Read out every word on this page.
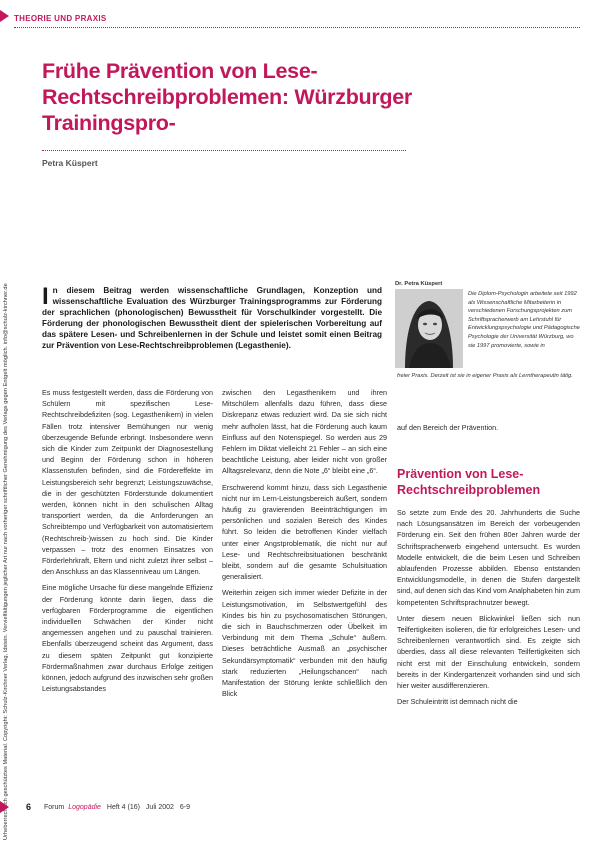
THEORIE UND PRAXIS
Urheberrechtlich geschütztes Material. Copyright: Schulz-Kirchner Verlag, Idstein. Vervielfältigungen jeglicher Art nur nach vorheriger schriftlicher Genehmigung des Verlags gegen Entgelt möglich. info@schulz-kirchner.de
Frühe Prävention von Lese-Rechtschreibproblemen: Würzburger Trainingspro-
Petra Küspert
In diesem Beitrag werden wissenschaftliche Grundlagen, Konzeption und wissenschaftliche Evaluation des Würzburger Trainingsprogramms zur Förderung der sprachlichen (phonologischen) Bewusstheit für Vorschulkinder vorgestellt. Die Förderung der phonologischen Bewusstheit dient der spielerischen Vorbereitung auf das spätere Lesen- und Schreibenlernen in der Schule und leistet somit einen Beitrag zur Prävention von Lese-Rechtschreibproblemen (Legasthenie).
Dr. Petra Küspert
Die Diplom-Psychologin arbeitete seit 1992 als Wissenschaftliche Mitarbeiterin in verschiedenen Forschungsprojekten zum Schriftspracherwerb am Lehrstuhl für Entwicklungspsychologie und Pädagogische Psychologie der Universität Würzburg, wo sie 1997 promovierte, sowie in
freier Praxis. Derzeit ist sie in eigener Praxis als Lerntherapeutin tätig.

Es muss festgestellt werden, dass die Förderung von Schülern mit spezifischen Lese- Rechtschreibdefiziten (sog. Legasthenikern) in vielen Fällen trotz intensiver Bemühungen nur wenig überzeugende Befunde erbringt. Insbesondere wenn sich die Kinder zum Zeitpunkt der Diagnosestellung und Beginn der Förderung schon in höheren Klassenstufen befinden, sind die Fördereffekte im Leistungsbereich sehr begrenzt; Leistungszuwächse, die in der geschützten Förderstunde dokumentiert werden, können nicht in den schulischen Alltag transportiert werden, da die Anforderungen an Schreibtempo und Verfügbarkeit von automatisiertem (Rechtschreib-)wissen zu hoch sind. Die Kinder verpassen – trotz des enormen Einsatzes von Förderlehrkraft, Eltern und nicht zuletzt ihrer selbst – den Anschluss an das Klassenniveau um Längen.

Eine mögliche Ursache für diese mangelnde Effizienz der Förderung könnte darin liegen, dass die verfügbaren Förderprogramme die eigentlichen individuellen Schwächen der Kinder nicht angemessen angehen und zu pauschal trainieren. Ebenfalls überzeugend scheint das Argument, dass zu diesem späten Zeitpunkt gut konzipierte Fördermaßnahmen zwar durchaus Erfolge zeitigen können, jedoch aufgrund des inzwischen sehr großen Leistungsabstandes

zwischen den Legasthenikern und ihren Mitschülern allenfalls dazu führen, dass diese Diskrepanz etwas reduziert wird. Da sie sich nicht mehr aufholen lässt, hat die Förderung auch kaum Einfluss auf den Notenspiegel. So werden aus 29 Fehlern im Diktat vielleicht 21 Fehler – an sich eine beachtliche Leistung, aber leider nicht von großer Alltagsrelevanz, denn die Note „6“ bleibt eine „6“.

Erschwerend kommt hinzu, dass sich Legasthenie nicht nur im Lern-Leistungsbereich äußert, sondern häufig zu gravierenden Beeinträchtigungen im persönlichen und sozialen Bereich des Kindes führt. So leiden die betroffenen Kinder vielfach unter einer Angstproblematik, die nicht nur auf Lese- und Rechtschreibsituationen beschränkt bleibt, sondern auf die gesamte Schulsituation generalisiert.

Weiterhin zeigen sich immer wieder Defizite in der Leistungsmotivation, im Selbstwertgefühl des Kindes bis hin zu psychosomatischen Störungen, die sich in Bauchschmerzen oder Übelkeit im Verbindung mit dem Thema „Schule“ äußern. Dieses beträchtliche Ausmaß an „psychischer Sekundärsymptomatik“ verbunden mit den häufig stark reduzierten „Heilungschancen“ nach Manifestation der Störung lenkte schließlich den Blick

auf den Bereich der Prävention.

Prävention von Lese-Rechtschreibproblemen

So setzte zum Ende des 20. Jahrhunderts die Suche nach Lösungsansätzen im Bereich der vorbeugenden Förderung ein. Seit den frühen 80er Jahren wurde der Schriftspracherwerb eingehend untersucht. Es wurden Modelle entwickelt, die die beim Lesen und Schreiben ablaufenden Prozesse abbilden. Ebenso entstanden Entwicklungsmodelle, in denen die Stufen dargestellt sind, auf denen sich das Kind vom Analphabeten hin zum kompetenten Schriftsprachnutzer bewegt.

Unter diesem neuen Blickwinkel ließen sich nun Teilfertigkeiten isolieren, die für erfolgreiches Lesen- und Schreibenlernen verantwortlich sind. Es zeigte sich überdies, dass all diese relevanten Teilfertigkeiten sich nicht erst mit der Einschulung entwickeln, sondern bereits in der Kindergartenzeit vorhanden sind und sich hier weiter ausdifferenzieren.

Der Schuleintritt ist demnach nicht die

6 Forum Logopädie Heft 4 (16) Juli 2002 6-9
